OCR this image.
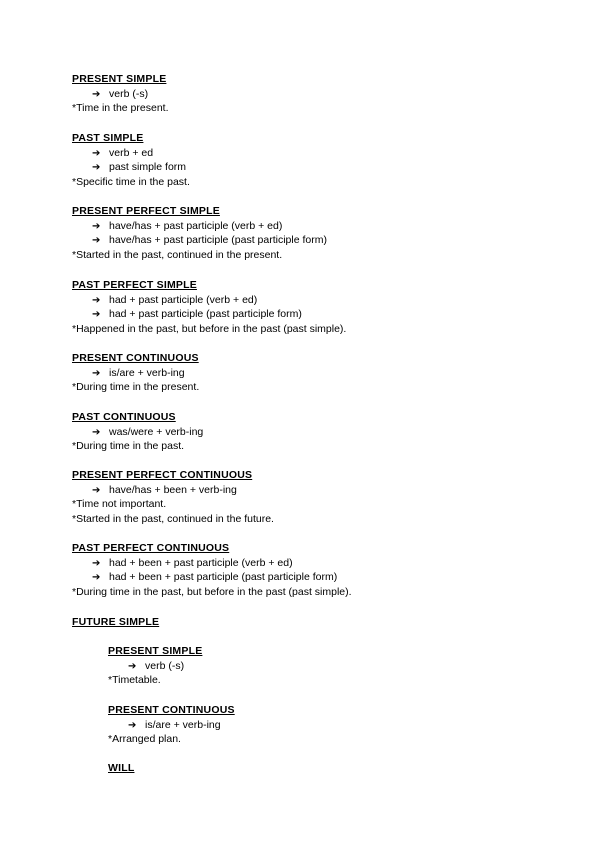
PRESENT SIMPLE
➔ verb (-s)
*Time in the present.
PAST SIMPLE
➔ verb + ed
➔ past simple form
*Specific time in the past.
PRESENT PERFECT SIMPLE
➔ have/has + past participle (verb + ed)
➔ have/has + past participle (past participle form)
*Started in the past, continued in the present.
PAST PERFECT SIMPLE
➔ had + past participle (verb + ed)
➔ had + past participle (past participle form)
*Happened in the past, but before in the past (past simple).
PRESENT CONTINUOUS
➔ is/are + verb-ing
*During time in the present.
PAST CONTINUOUS
➔ was/were + verb-ing
*During time in the past.
PRESENT PERFECT CONTINUOUS
➔ have/has + been + verb-ing
*Time not important.
*Started in the past, continued in the future.
PAST PERFECT CONTINUOUS
➔ had + been + past participle (verb + ed)
➔ had + been + past participle (past participle form)
*During time in the past, but before in the past (past simple).
FUTURE SIMPLE
PRESENT SIMPLE
➔ verb (-s)
*Timetable.
PRESENT CONTINUOUS
➔ is/are + verb-ing
*Arranged plan.
WILL
